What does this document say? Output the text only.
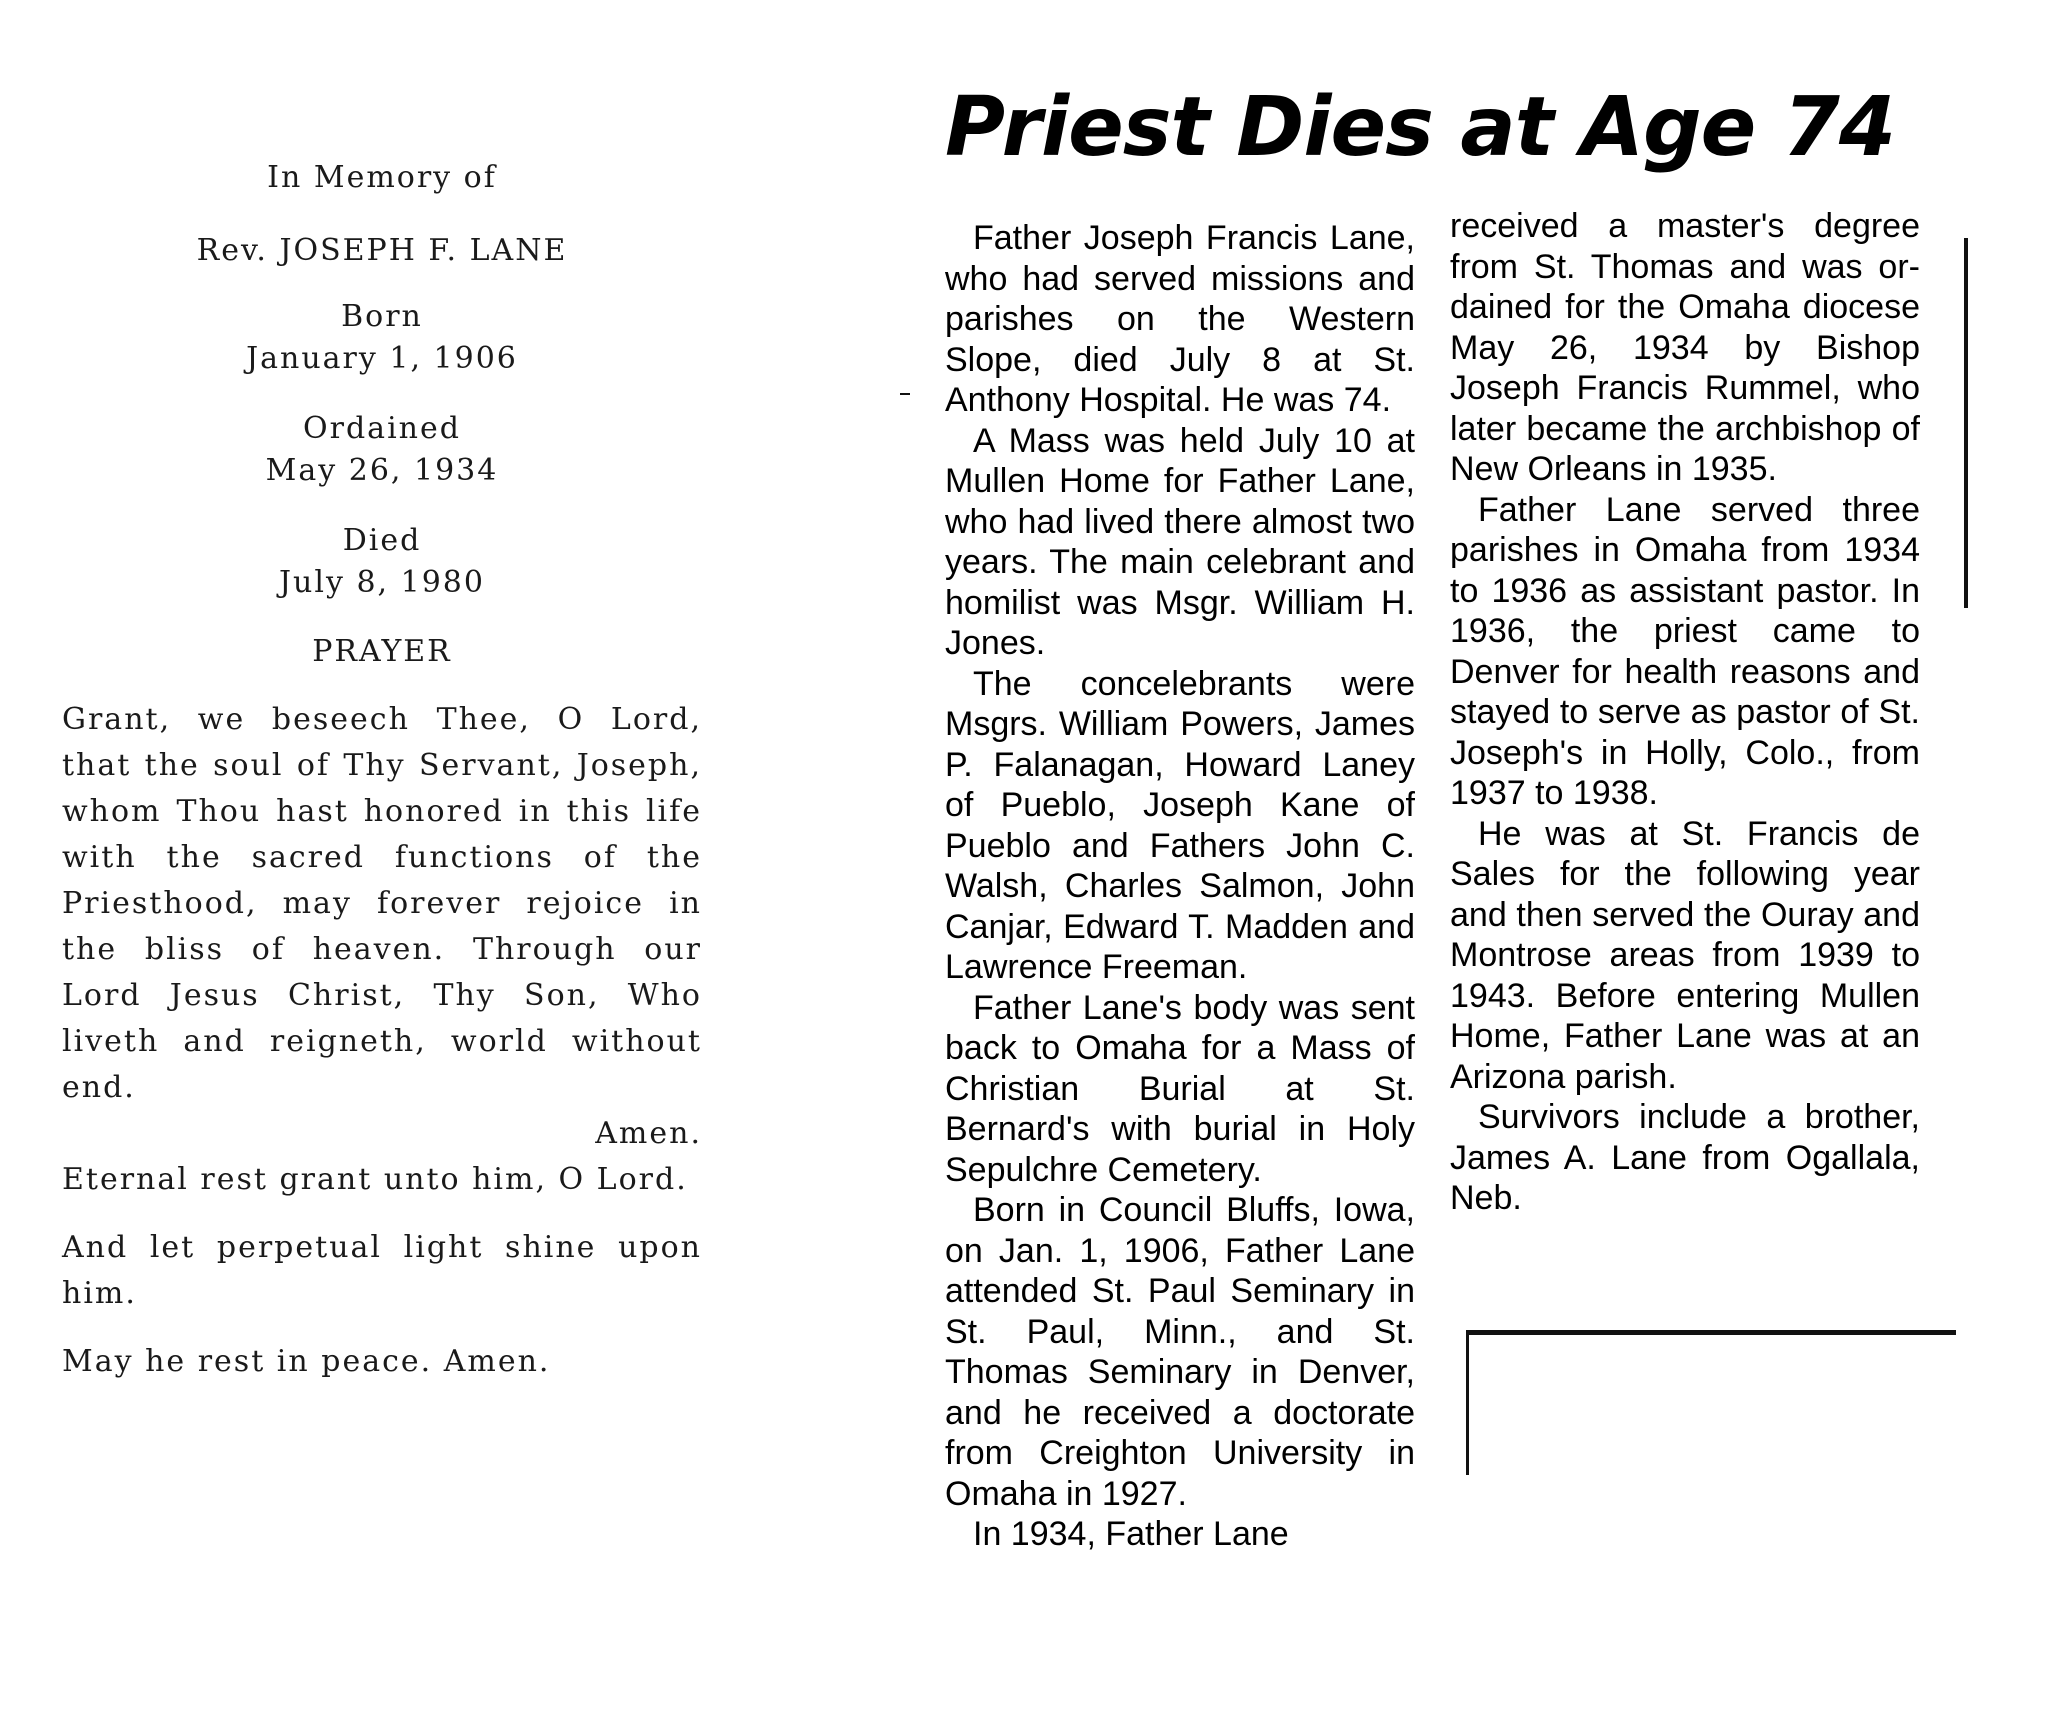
In Memory of
Rev. JOSEPH F. LANE
Born
January 1, 1906
Ordained
May 26, 1934
Died
July 8, 1980
PRAYER

Grant, we beseech Thee, O Lord, that the soul of Thy Servant, Joseph, whom Thou hast honored in this life with the sacred functions of the Priesthood, may forever rejoice in the bliss of heaven. Through our Lord Jesus Christ, Thy Son, Who liveth and reigneth, world without end.

Amen.

Eternal rest grant unto him, O Lord.

And let perpetual light shine upon him.

May he rest in peace. Amen.

Priest Dies at Age 74

Father Joseph Francis Lane, who had served missions and parishes on the Western Slope, died July 8 at St. Anthony Hospital. He was 74.

A Mass was held July 10 at Mullen Home for Father Lane, who had lived there almost two years. The main celebrant and homilist was Msgr. William H. Jones.

The concelebrants were Msgrs. William Powers, James P. Falanagan, Howard Laney of Pueblo, Joseph Kane of Pueblo and Fathers John C. Walsh, Charles Salmon, John Canjar, Edward T. Madden and Lawrence Freeman.

Father Lane's body was sent back to Omaha for a Mass of Christian Burial at St. Bernard's with burial in Holy Sepulchre Cemetery.

Born in Council Bluffs, Iowa, on Jan. 1, 1906, Father Lane attended St. Paul Seminary in St. Paul, Minn., and St. Thomas Seminary in Denver, and he received a doctorate from Creighton University in Omaha in 1927.

In 1934, Father Lane

received a master's degree from St. Thomas and was ordained for the Omaha diocese May 26, 1934 by Bishop Joseph Francis Rummel, who later became the archbishop of New Orleans in 1935.

Father Lane served three parishes in Omaha from 1934 to 1936 as assistant pastor. In 1936, the priest came to Denver for health reasons and stayed to serve as pastor of St. Joseph's in Holly, Colo., from 1937 to 1938.

He was at St. Francis de Sales for the following year and then served the Ouray and Montrose areas from 1939 to 1943. Before entering Mullen Home, Father Lane was at an Arizona parish.

Survivors include a brother, James A. Lane from Ogallala, Neb.
